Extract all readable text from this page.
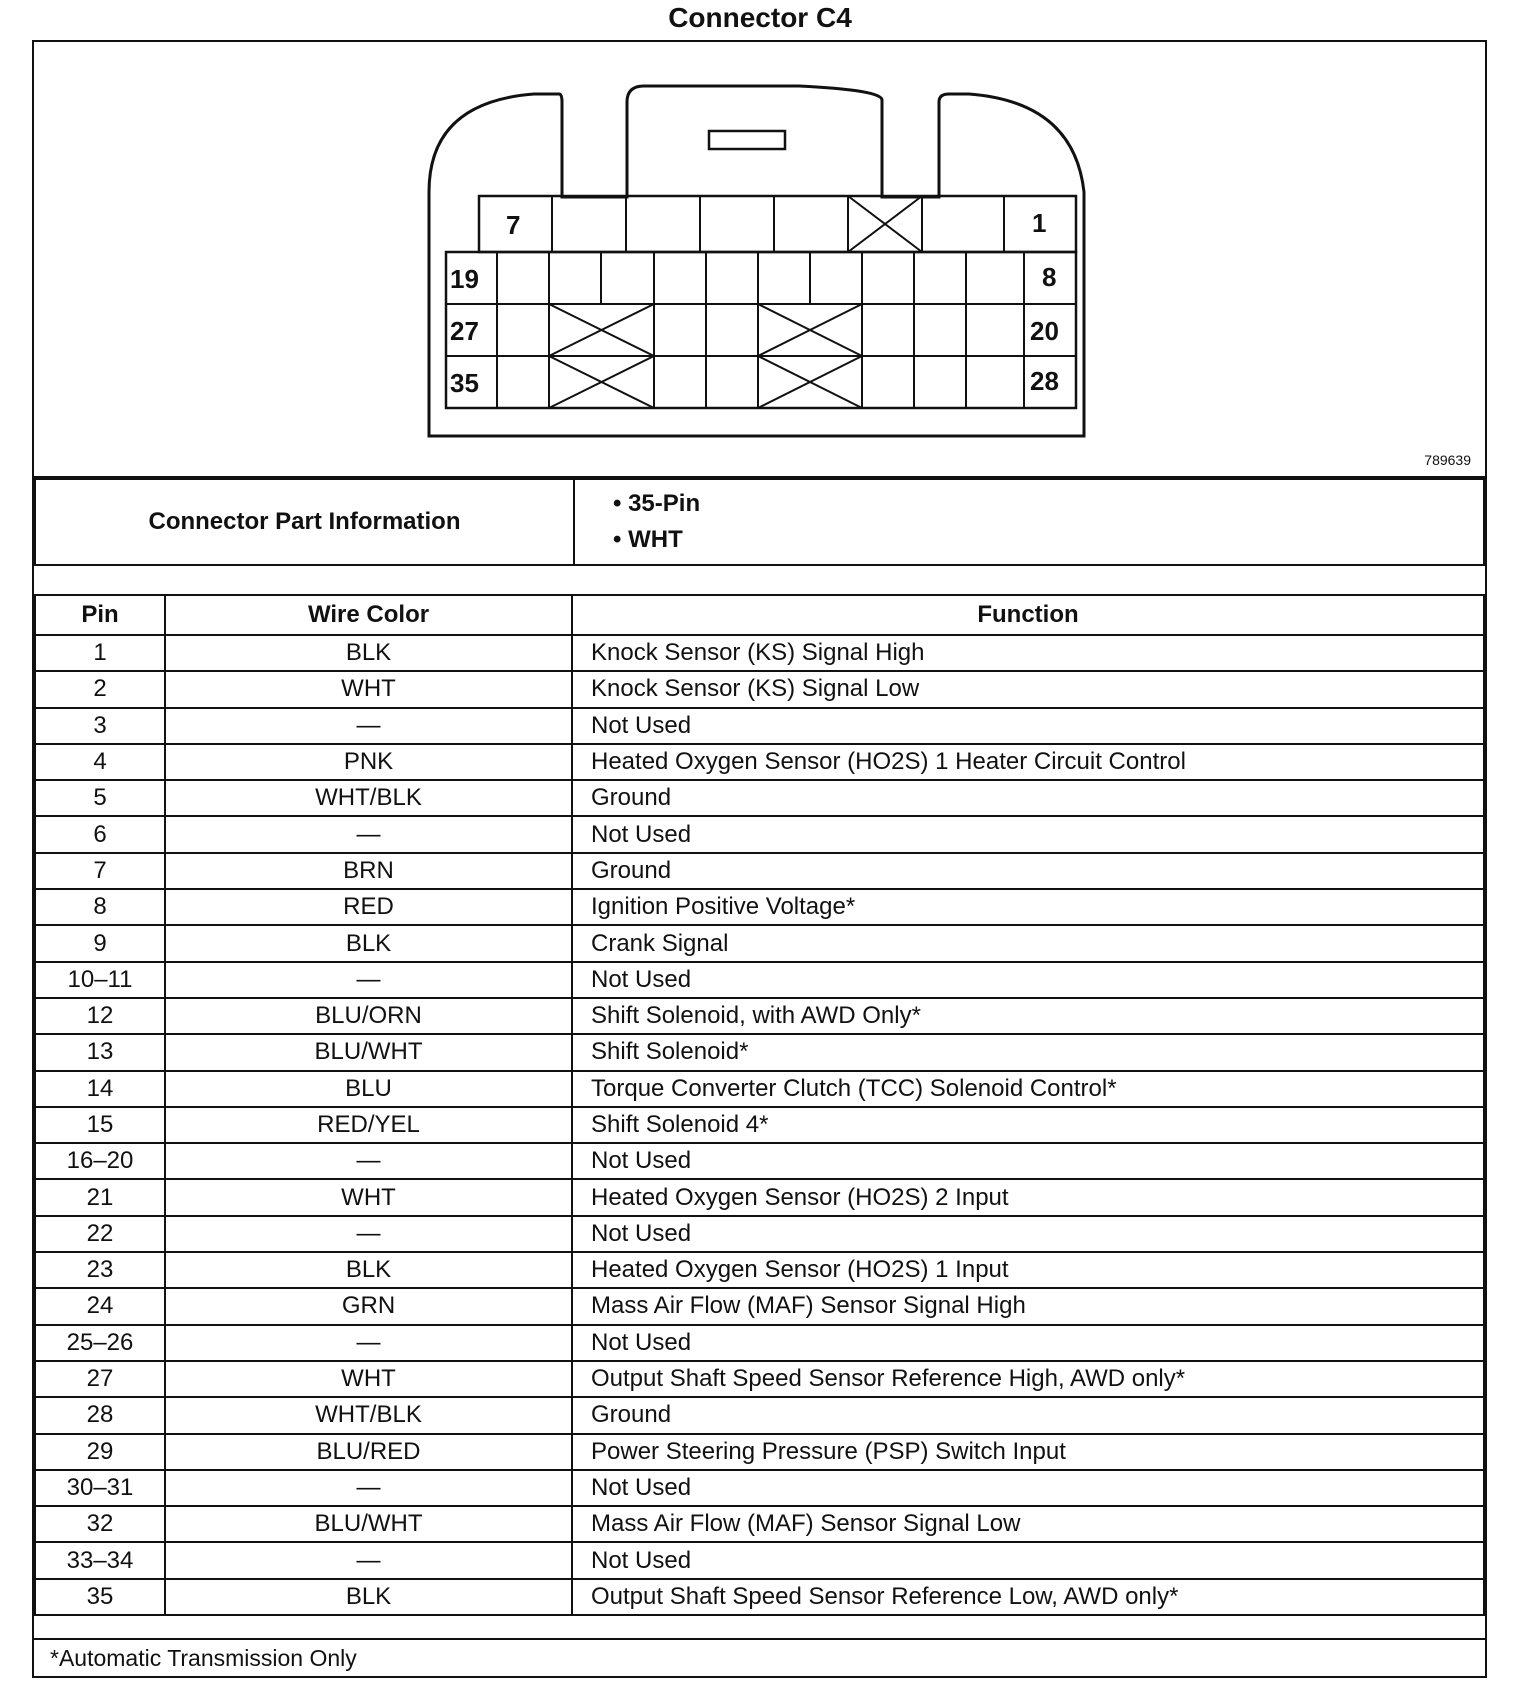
Connector C4
7	1
19	8
27	20
35	28
789639
Connector Part Information	
• 35-Pin
• WHT
Pin	Wire Color	Function
1	BLK	Knock Sensor (KS) Signal High
2	WHT	Knock Sensor (KS) Signal Low
3	—	Not Used
4	PNK	Heated Oxygen Sensor (HO2S) 1 Heater Circuit Control
5	WHT/BLK	Ground
6	—	Not Used
7	BRN	Ground
8	RED	Ignition Positive Voltage*
9	BLK	Crank Signal
10–11	—	Not Used
12	BLU/ORN	Shift Solenoid, with AWD Only*
13	BLU/WHT	Shift Solenoid*
14	BLU	Torque Converter Clutch (TCC) Solenoid Control*
15	RED/YEL	Shift Solenoid 4*
16–20	—	Not Used
21	WHT	Heated Oxygen Sensor (HO2S) 2 Input
22	—	Not Used
23	BLK	Heated Oxygen Sensor (HO2S) 1 Input
24	GRN	Mass Air Flow (MAF) Sensor Signal High
25–26	—	Not Used
27	WHT	Output Shaft Speed Sensor Reference High, AWD only*
28	WHT/BLK	Ground
29	BLU/RED	Power Steering Pressure (PSP) Switch Input
30–31	—	Not Used
32	BLU/WHT	Mass Air Flow (MAF) Sensor Signal Low
33–34	—	Not Used
35	BLK	Output Shaft Speed Sensor Reference Low, AWD only*
*Automatic Transmission Only
